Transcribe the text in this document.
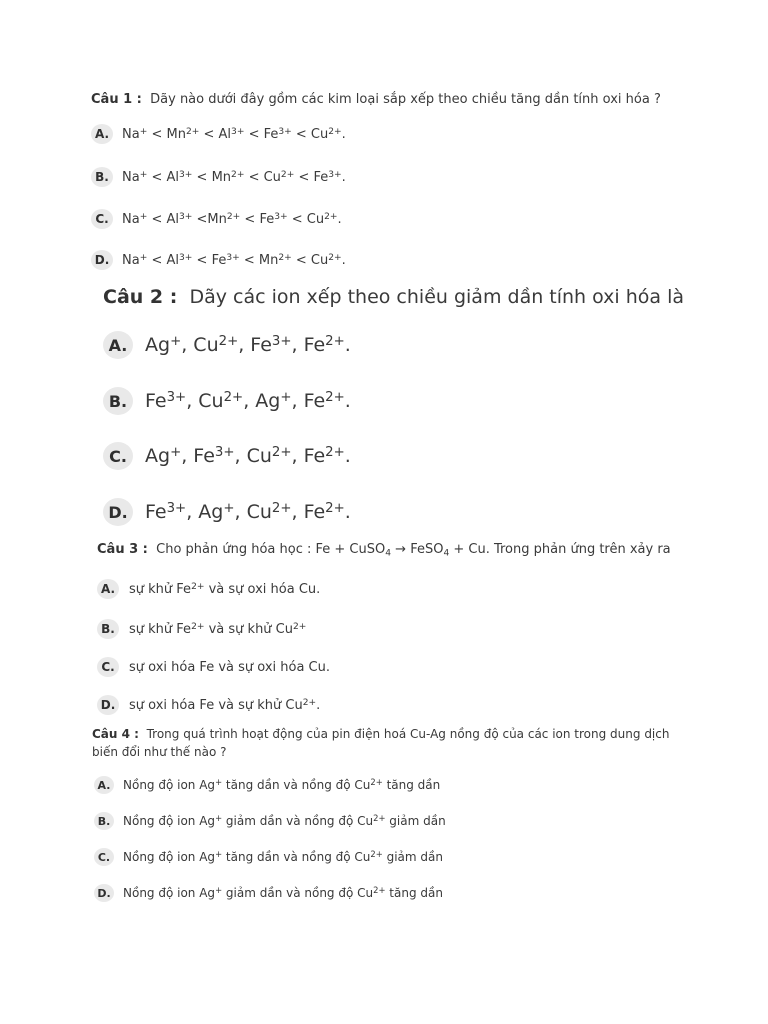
Câu 1 : Dãy nào dưới đây gồm các kim loại sắp xếp theo chiều tăng dần tính oxi hóa ?
A. $Na^+ < Mn^{2+} < Al^{3+} < Fe^{3+} < Cu^{2+}$.
B.	$Na^+ < Al^{3+} < Mn^{2+} < Cu^{2+} < Fe^{3+}$.
C.	$Na^+ < Al^{3+} <Mn^{2+} < Fe^{3+} < Cu^{2+}$.
D. $Na^+ < Al^{3+} < Fe^{3+} < Mn^{2+} < Cu^{2+}$.
Câu 2 : Dãy các ion xếp theo chiều giảm dần tính oxi hóa là
A. Ag+, $Cu^{2+}$, $Fe^{3+}$, $Fe^{2+}$.
B. $Fe^{3+}$, $Cu^{2+}$, Ag+, $Fe^{2+}$.
C. Ag+, $Fe^{3+}$, $Cu^{2+}$, $Fe^{2+}$.
D. $Fe^{3+}$, Ag+, $Cu^{2+}$, $Fe^{2+}$.
Câu 3 : Cho phản ứng hóa học : Fe + CuSO$_4$ → FeSO$_4$ + Cu. Trong phản ứng trên xảy ra
A.	sự khử $Fe^{2+}$ và sự oxi hóa Cu.
B.	sự khử $Fe^{2+}$ và sự khử $Cu^{2+}$
C.	sự oxi hóa Fe và sự oxi hóa Cu.
D. sự oxi hóa Fe và sự khử $Cu^{2+}$.
Câu 4 : Trong quá trình hoạt động của pin điện hoá Cu-Ag nồng độ của các ion trong dung dịch biến đổi như thế nào ?
A. Nồng độ ion Ag+ tăng dần và nồng độ $Cu^{2+}$ tăng dần
B.	Nồng độ ion Ag+ giảm dần và nồng độ $Cu^{2+}$ giảm dần
C.	Nồng độ ion Ag+ tăng dần và nồng độ $Cu^{2+}$ giảm dần
D. Nồng độ ion Ag+ giảm dần và nồng độ $Cu^{2+}$ tăng dần
